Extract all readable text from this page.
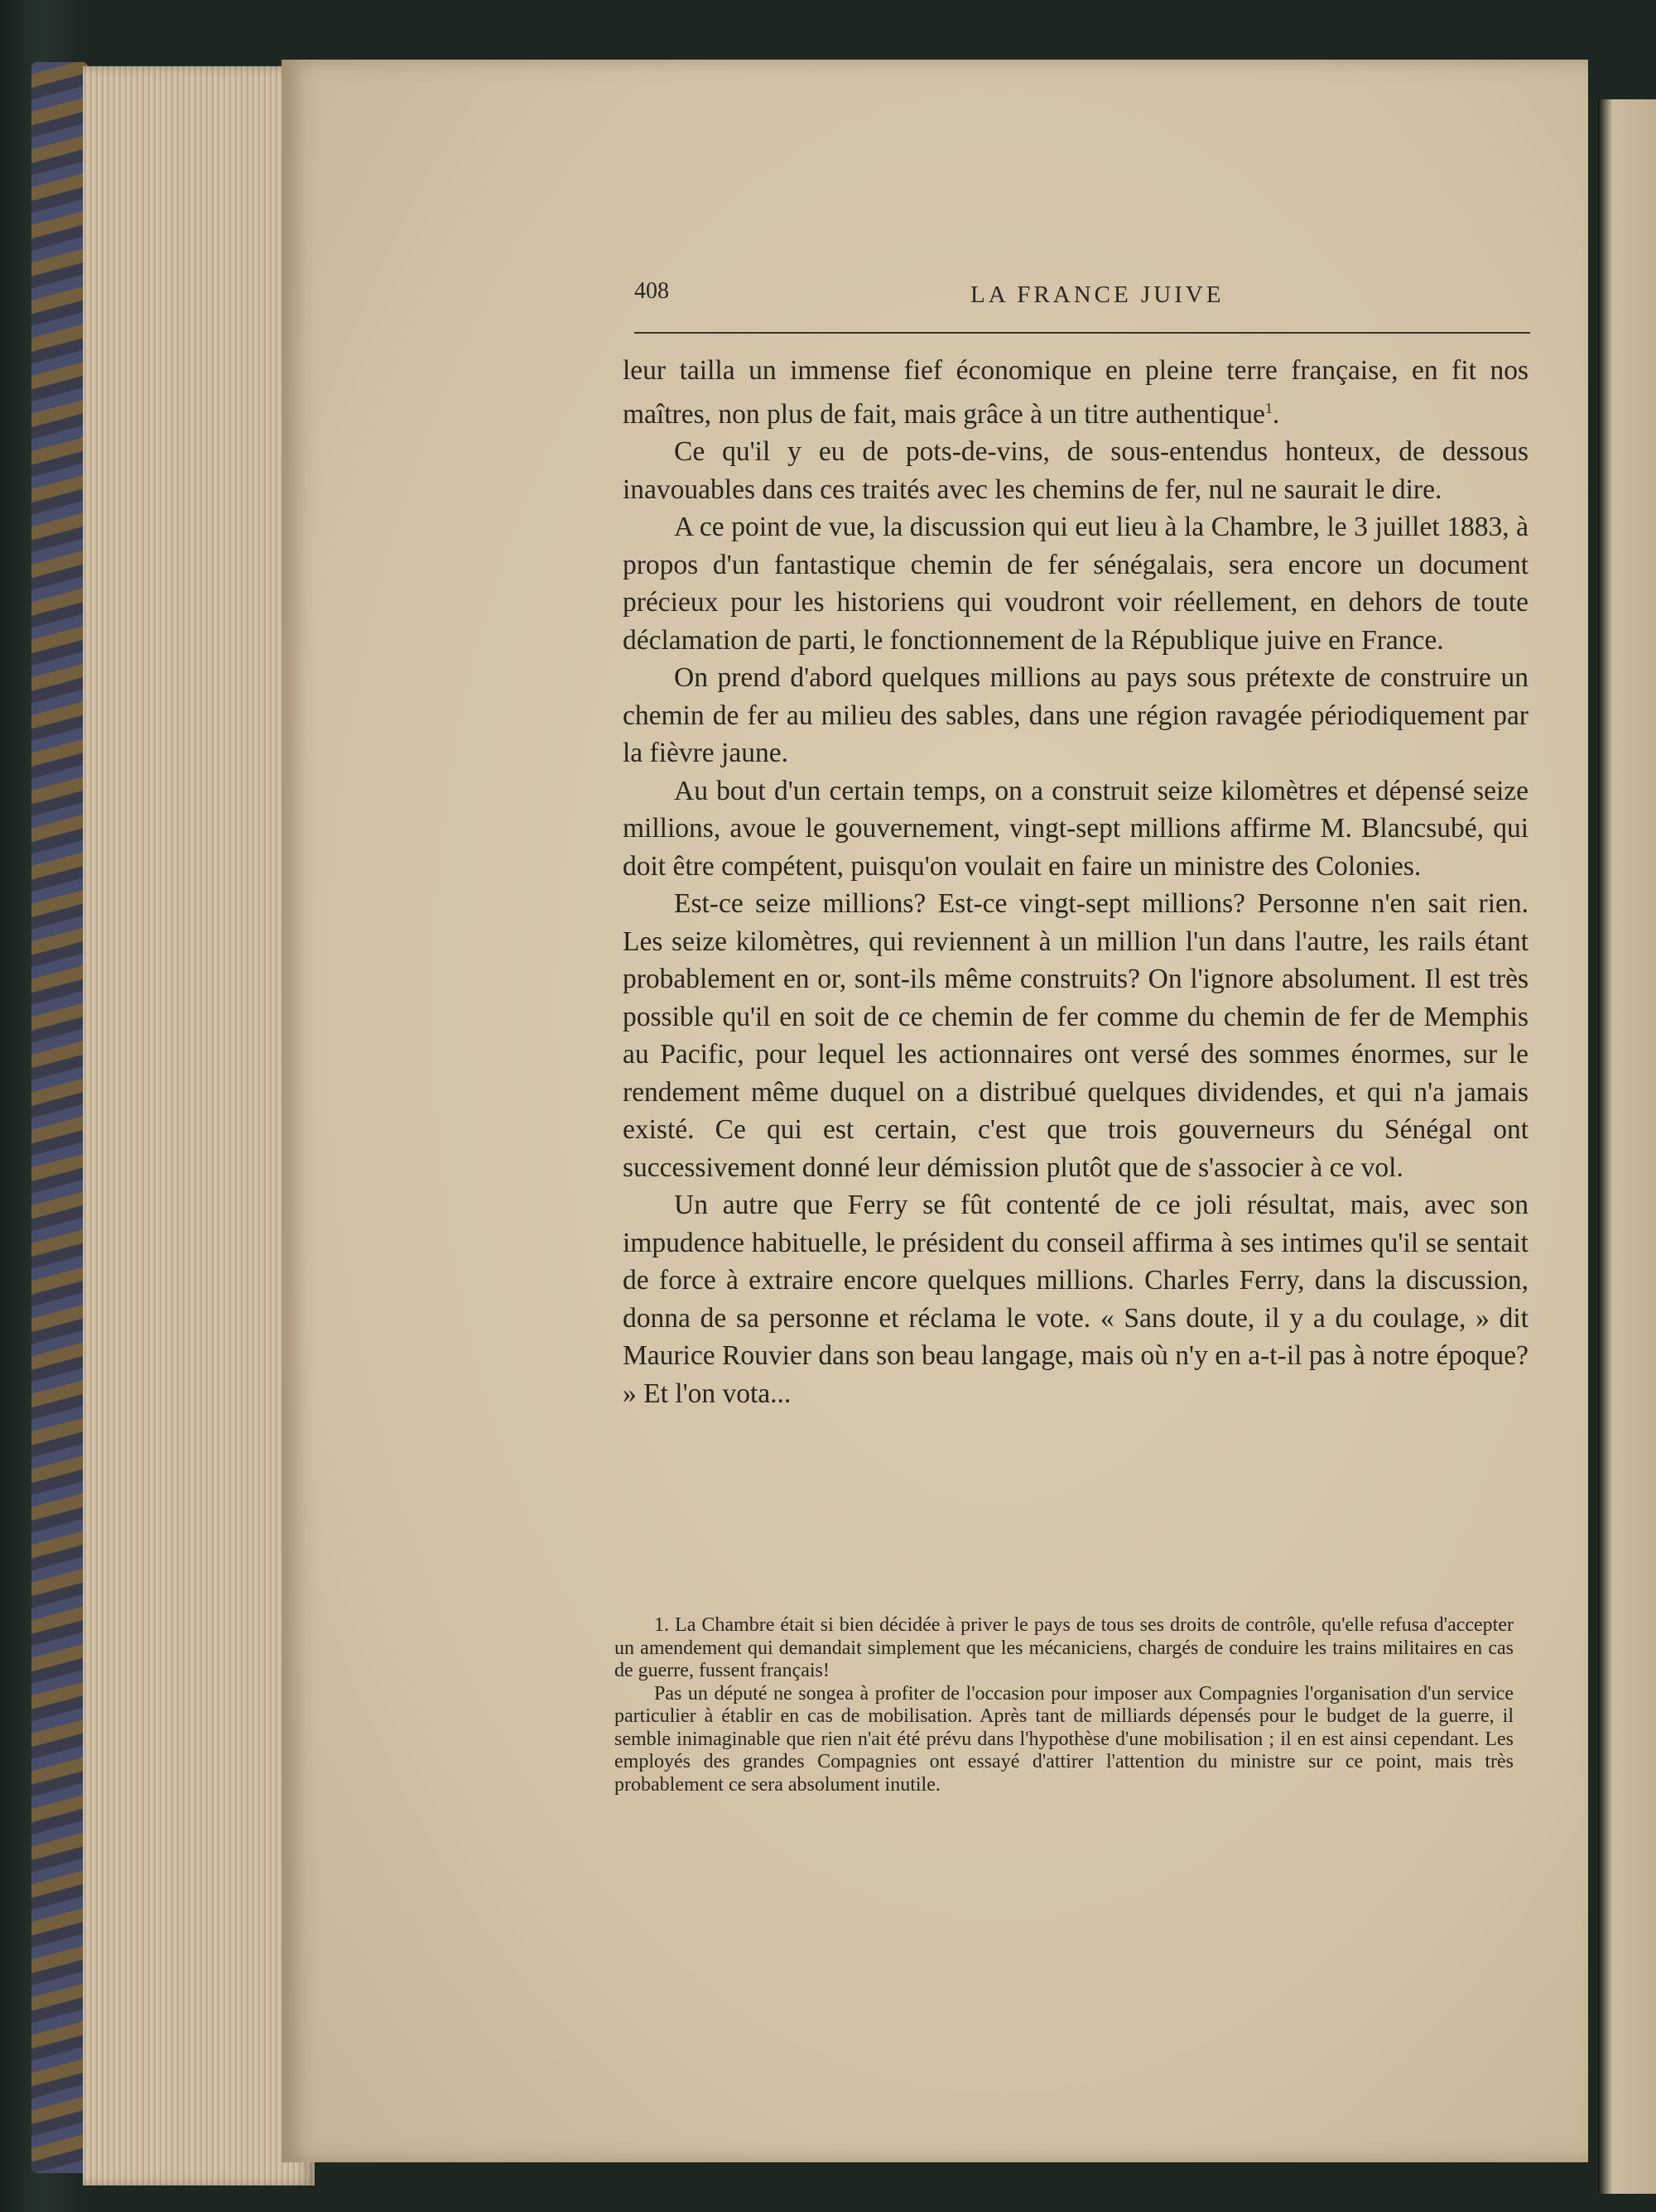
408	LA FRANCE JUIVE

leur tailla un immense fief économique en pleine terre française, en fit nos maîtres, non plus de fait, mais grâce à un titre authentique$^1$.

Ce qu'il y eu de pots-de-vins, de sous-entendus honteux, de dessous inavouables dans ces traités avec les chemins de fer, nul ne saurait le dire.

A ce point de vue, la discussion qui eut lieu à la Chambre, le 3 juillet 1883, à propos d'un fantastique chemin de fer sénégalais, sera encore un document précieux pour les historiens qui voudront voir réellement, en dehors de toute déclamation de parti, le fonctionnement de la République juive en France.

On prend d'abord quelques millions au pays sous prétexte de construire un chemin de fer au milieu des sables, dans une région ravagée périodiquement par la fièvre jaune.

Au bout d'un certain temps, on a construit seize kilomètres et dépensé seize millions, avoue le gouvernement, vingt-sept millions affirme M. Blancsubé, qui doit être compétent, puisqu'on voulait en faire un ministre des Colonies.

Est-ce seize millions? Est-ce vingt-sept millions? Personne n'en sait rien. Les seize kilomètres, qui reviennent à un million l'un dans l'autre, les rails étant probablement en or, sont-ils même construits? On l'ignore absolument. Il est très possible qu'il en soit de ce chemin de fer comme du chemin de fer de Memphis au Pacific, pour lequel les actionnaires ont versé des sommes énormes, sur le rendement même duquel on a distribué quelques dividendes, et qui n'a jamais existé. Ce qui est certain, c'est que trois gouverneurs du Sénégal ont successivement donné leur démission plutôt que de s'associer à ce vol.

Un autre que Ferry se fût contenté de ce joli résultat, mais, avec son impudence habituelle, le président du conseil affirma à ses intimes qu'il se sentait de force à extraire encore quelques millions. Charles Ferry, dans la discussion, donna de sa personne et réclama le vote. « Sans doute, il y a du coulage, » dit Maurice Rouvier dans son beau langage, mais où n'y en a-t-il pas à notre époque? » Et l'on vota...

1. La Chambre était si bien décidée à priver le pays de tous ses droits de contrôle, qu'elle refusa d'accepter un amendement qui demandait simplement que les mécaniciens, chargés de conduire les trains militaires en cas de guerre, fussent français!

Pas un député ne songea à profiter de l'occasion pour imposer aux Compagnies l'organisation d'un service particulier à établir en cas de mobilisation. Après tant de milliards dépensés pour le budget de la guerre, il semble inimaginable que rien n'ait été prévu dans l'hypothèse d'une mobilisation ; il en est ainsi cependant. Les employés des grandes Compagnies ont essayé d'attirer l'attention du ministre sur ce point, mais très probablement ce sera absolument inutile.
